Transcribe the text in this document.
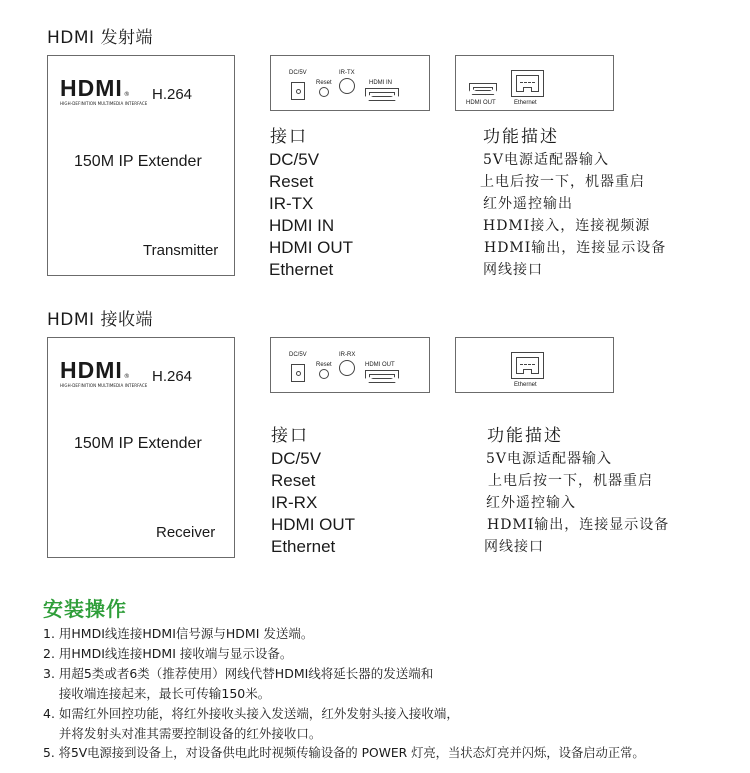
HDMI 发射端
HDMI®
HIGH-DEFINITION MULTIMEDIA INTERFACE
H.264
150M IP Extender
Transmitter
DC/5V
Reset
IR-TX
HDMI IN
HDMI OUT	Ethernet
接口	功能描述
DC/5V	5V电源适配器输入
Reset	上电后按一下，机器重启
IR-TX	红外遥控输出
HDMI IN	HDMI接入，连接视频源
HDMI OUT	HDMI输出，连接显示设备
Ethernet	网线接口
HDMI 接收端
HDMI®
HIGH-DEFINITION MULTIMEDIA INTERFACE
H.264
150M IP Extender
Receiver
DC/5V
Reset
IR-RX
HDMI OUT
Ethernet
接口	功能描述
DC/5V	5V电源适配器输入
Reset	上电后按一下，机器重启
IR-RX	红外遥控输入
HDMI OUT	HDMI输出，连接显示设备
Ethernet	网线接口
安装操作
1. 用HMDI线连接HDMI信号源与HDMI 发送端。
2. 用HMDI线连接HDMI 接收端与显示设备。
3. 用超5类或者6类（推荐使用）网线代替HDMI线将延长器的发送端和
接收端连接起来，最长可传输150米。
4. 如需红外回控功能，将红外接收头接入发送端，红外发射头接入接收端，
并将发射头对准其需要控制设备的红外接收口。
5. 将5V电源接到设备上，对设备供电此时视频传输设备的 POWER 灯亮，当状态灯亮并闪烁，设备启动正常。
